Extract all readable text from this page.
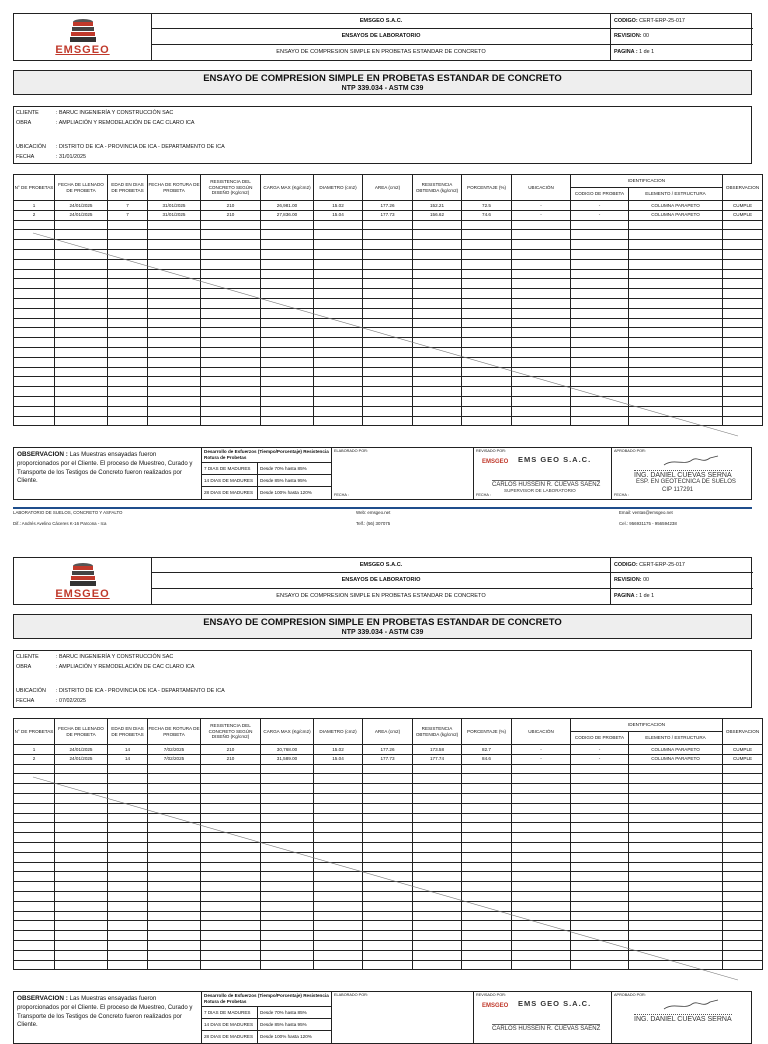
EMSGEO
EMSGEO S.A.C.
ENSAYOS DE LABORATORIO
ENSAYO DE COMPRESION SIMPLE EN PROBETAS ESTANDAR DE CONCRETO
CODIGO:
CERT-ERP-25-017
REVISION:
00
PAGINA :
1 de 1
ENSAYO DE COMPRESION SIMPLE EN PROBETAS ESTANDAR DE CONCRETO
NTP 339.034 - ASTM C39
CLIENTE	: BARUC INGENIERÍA Y CONSTRUCCIÓN SAC
OBRA	: AMPLIACIÓN Y REMODELACIÓN DE CAC CLARO ICA
UBICACIÓN	: DISTRITO DE ICA - PROVINCIA DE ICA - DEPARTAMENTO DE ICA
FECHA	: 31/01/2025
N° DE PROBETAS	FECHA DE LLENADO DE PROBETA	EDAD EN DIAS DE PROBETAS	FECHA DE ROTURA DE PROBETA	RESISTENCIA DEL CONCRETO SEGÚN DISEÑO (Kg/cm2)	CARGA MAX (Kg/cm2)	DIAMETRO (cm2)	AREA (cm2)	RESISTENCIA OBTENIDA (kg/cm2)	PORCENTAJE (%)	UBICACIÓN	IDENTIFICACION		OBSERVACION
											CODIGO DE PROBETA	ELEMENTO / ESTRUCTURA	
1	24/01/2025	7	31/01/2025	210	26,981.00	15.02	177.26	152.21	72.5	-	-	COLUMNA PARAPETO	CUMPLE
2	24/01/2025	7	31/01/2025	210	27,836.00	15.04	177.73	156.62	74.6	-	-	COLUMNA PARAPETO	CUMPLE

OBSERVACION : Las Muestras ensayadas fueron proporcionados por el Cliente. El proceso de Muestreo, Curado y Transporte de los Testigos de Concreto fueron realizados por Cliente.
Desarrollo de Esfuerzos (Tiempo/Porcentaje) Resistencia Rotura de Probetas
7 DIAS DE MADURES	Desde 70% hasta 85%
14 DIAS DE MADURES	Desde 85% hasta 95%
28 DIAS DE MADURES	Desde 100% hasta 120%
ELABORADO POR:
FECHA :
REVISADO POR:
EMSGEO EMS GEO S.A.C.
CARLOS HUSSEIN R. CUEVAS SAENZ
SUPERVISOR DE LABORATORIO
FECHA :
APROBADO POR:
ING. DANIEL CUEVAS SERNA
ESP. EN GEOTECNICA DE SUELOS
CIP 117291
FECHA :
LABORATORIO DE SUELOS, CONCRETO Y ASFALTO	Web: emsgeo.net	Email: ventas@emsgeo.net
Dif.: Andrés Avelino Cáceres K-16 Parcona - Ica	Telf.: (56) 307075	Cel.: 956931175 - 956594238
EMSGEO
EMSGEO S.A.C.
ENSAYOS DE LABORATORIO
ENSAYO DE COMPRESION SIMPLE EN PROBETAS ESTANDAR DE CONCRETO
CODIGO:
CERT-ERP-25-017
REVISION:
00
PAGINA :
1 de 1
ENSAYO DE COMPRESION SIMPLE EN PROBETAS ESTANDAR DE CONCRETO
NTP 339.034 - ASTM C39
CLIENTE	: BARUC INGENIERÍA Y CONSTRUCCIÓN SAC
OBRA	: AMPLIACIÓN Y REMODELACIÓN DE CAC CLARO ICA
UBICACIÓN	: DISTRITO DE ICA - PROVINCIA DE ICA - DEPARTAMENTO DE ICA
FECHA	: 07/02/2025
N° DE PROBETAS	FECHA DE LLENADO DE PROBETA	EDAD EN DIAS DE PROBETAS	FECHA DE ROTURA DE PROBETA	RESISTENCIA DEL CONCRETO SEGÚN DISEÑO (Kg/cm2)	CARGA MAX (Kg/cm2)	DIAMETRO (cm2)	AREA (cm2)	RESISTENCIA OBTENIDA (kg/cm2)	PORCENTAJE (%)	UBICACIÓN	IDENTIFICACION		OBSERVACION
											CODIGO DE PROBETA	ELEMENTO / ESTRUCTURA	
1	24/01/2025	14	7/02/2025	210	30,768.00	15.02	177.26	173.58	82.7	-	-	COLUMNA PARAPETO	CUMPLE
2	24/01/2025	14	7/02/2025	210	31,589.00	15.04	177.73	177.74	84.6	-	-	COLUMNA PARAPETO	CUMPLE

OBSERVACION : Las Muestras ensayadas fueron proporcionados por el Cliente. El proceso de Muestreo, Curado y Transporte de los Testigos de Concreto fueron realizados por Cliente.
Desarrollo de Esfuerzos (Tiempo/Porcentaje) Resistencia Rotura de Probetas
7 DIAS DE MADURES	Desde 70% hasta 85%
14 DIAS DE MADURES	Desde 85% hasta 95%
28 DIAS DE MADURES	Desde 100% hasta 120%
ELABORADO POR:	REVISADO POR:
EMSGEO EMS GEO S.A.C.
CARLOS HUSSEIN R. CUEVAS SAENZ
APROBADO POR:
ING. DANIEL CUEVAS SERNA
